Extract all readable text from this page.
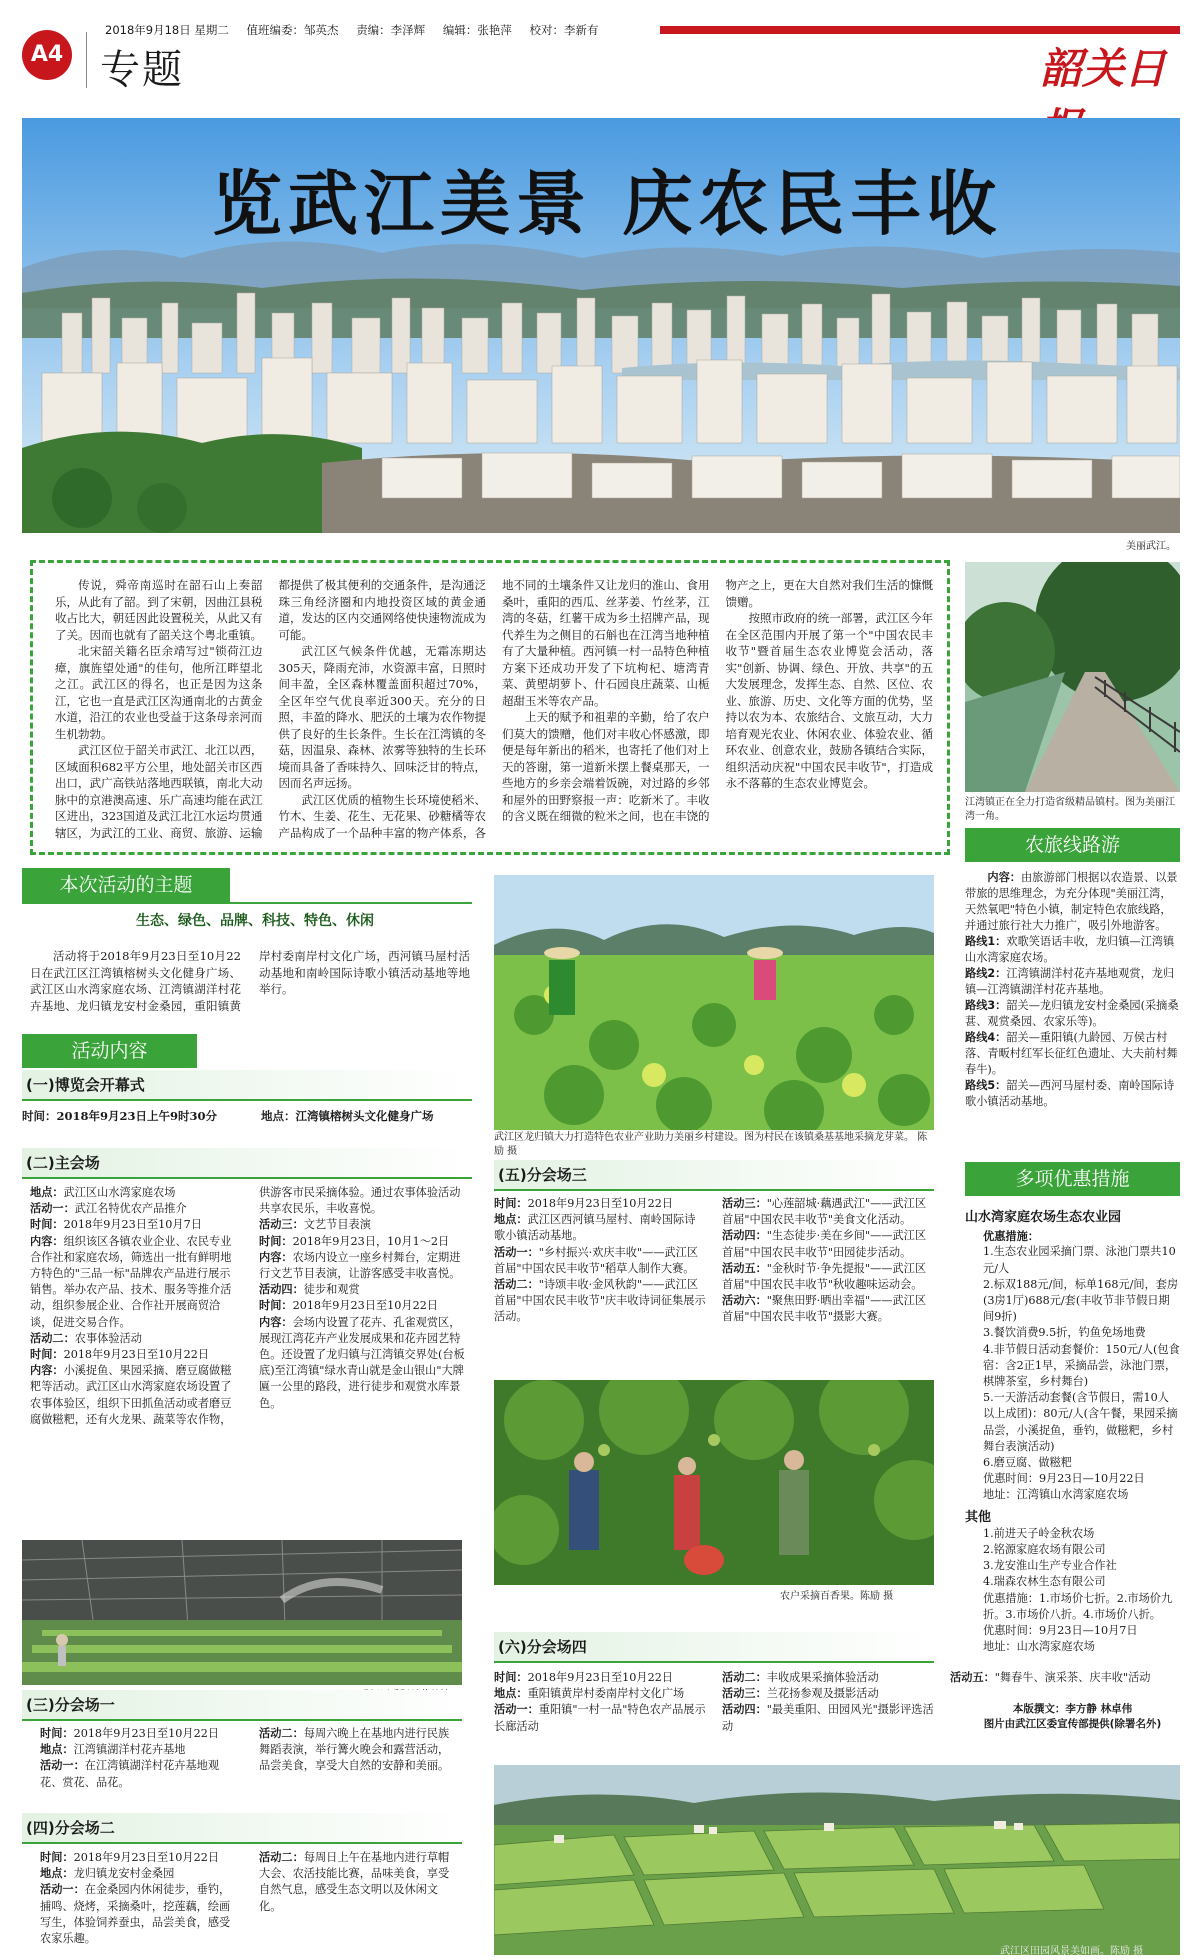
2018年9月18日 星期二 值班编委：邹英杰 责编：李泽辉 编辑：张艳萍 校对：李新有
A4 专题	韶关日
览武江美景 庆农民丰收
美丽武江。

传说，舜帝南巡时在韶石山上奏韶乐，从此有了韶。到了宋朝，因曲江县税收占比大，朝廷因此设置税关，从此又有了关。因而也就有了韶关这个粤北重镇。

北宋韶关籍名臣余靖写过"锁荷江边瘴，旗旌望处通"的佳句，他所江畔望北之江。武江区的得名，也正是因为这条江，它也一直是武江区沟通南北的古黄金水道，沿江的农业也受益于这条母亲河而生机勃勃。

武江区位于韶关市武江、北江以西，区域面积682平方公里，地处韶关市区西出口，武广高铁站落地西联镇，南北大动脉中的京港澳高速、乐广高速均能在武江区进出，323国道及武江北江水运均贯通辖区，为武江的工业、商贸、旅游、运输都提供了极其便利的交通条件，是沟通泛珠三角经济圈和内地投资区域的黄金通道，发达的区内交通网络使快速物流成为可能。

武江区气候条件优越，无霜冻期达305天，降雨充沛，水资源丰富，日照时间丰盈，全区森林覆盖面积超过70%，全区年空气优良率近300天。充分的日照，丰盈的降水、肥沃的土壤为农作物提供了良好的生长条件。生长在江湾镇的冬菇，因温泉、森林、浓雾等独特的生长环境而具备了香味持久、回味泛甘的特点，因而名声远扬。

武江区优质的植物生长环境使稻米、竹木、生姜、花生、无花果、砂糖橘等农产品构成了一个品种丰富的物产体系，各地不同的土壤条件又让龙归的淮山、食用桑叶，重阳的西瓜、丝茅姜、竹丝茅，江湾的冬菇，红薯干成为乡土招牌产品，现代养生为之侧目的石斛也在江湾当地种植有了大量种植。西河镇一村一品特色种植方案下还成功开发了下坑枸杞、塘湾青菜、黄塱胡萝卜、什石园良庄蔬菜、山栀超甜玉米等农产品。

上天的赋予和祖辈的辛勤，给了农户们莫大的馈赠，他们对丰收心怀感激，即便是每年新出的稻米，也寄托了他们对上天的答谢，第一道新米摆上餐桌那天，一些地方的乡亲会端着饭碗，对过路的乡邻和屋外的田野察报一声：吃新米了。丰收的含义既在细微的粒米之间，也在丰饶的物产之上，更在大自然对我们生活的慷慨馈赠。

按照市政府的统一部署，武江区今年在全区范围内开展了第一个"中国农民丰收节"暨首届生态农业博览会活动，落实"创新、协调、绿色、开放、共享"的五大发展理念，发挥生态、自然、区位、农业、旅游、历史、文化等方面的优势，坚持以农为本、农旅结合、文旅互动，大力培育观光农业、休闲农业、体验农业、循环农业、创意农业，鼓励各镇结合实际，组织活动庆祝"中国农民丰收节"，打造成永不落幕的生态农业博览会。

江湾镇正在全力打造省级精品镇村。图为美丽江湾一角。

本次活动的主题
生态、绿色、品牌、科技、特色、休闲

活动将于2018年9月23日至10月22日在武江区江湾镇榕树头文化健身广场、武江区山水湾家庭农场、江湾镇湖洋村花卉基地、龙归镇龙安村金桑园，重阳镇黄岸村委南岸村文化广场，西河镇马屋村活动基地和南岭国际诗歌小镇活动基地等地举行。

活动内容
(一)博览会开幕式
时间：2018年9月23日上午9时30分	地点：江湾镇榕树头文化健身广场
(二)主会场
地点：武江区山水湾家庭农场
活动一：武江名特优农产品推介
时间：2018年9月23日至10月7日
内容：组织该区各镇农业企业、农民专业合作社和家庭农场，筛选出一批有鲜明地方特色的"三品一标"品牌农产品进行展示销售。举办农产品、技术、服务等推介活动，组织参展企业、合作社开展商贸洽谈，促进交易合作。
活动二：农事体验活动
时间：2018年9月23日至10月22日
内容：小溪捉鱼、果园采摘、磨豆腐做糍粑等活动。武江区山水湾家庭农场设置了农事体验区，组织下田抓鱼活动或者磨豆腐做糍粑，还有火龙果、蔬菜等农作物，供游客市民采摘体验。通过农事体验活动共享农民乐，丰收喜悦。
活动三：文艺节目表演
时间：2018年9月23日，10月1～2日
内容：农场内设立一座乡村舞台，定期进行文艺节目表演，让游客感受丰收喜悦。
活动四：徒步和观赏
时间：2018年9月23日至10月22日
内容：会场内设置了花卉、孔雀观赏区，展现江湾花卉产业发展成果和花卉园艺特色。还设置了龙归镇与江湾镇交界处(台板底)至江湾镇"绿水青山就是金山银山"大牌匾一公里的路段，进行徒步和观赏水库景色。
(三)分会场一
时间：2018年9月23日至10月22日
地点：江湾镇湖洋村花卉基地
活动一：在江湾镇湖洋村花卉基地观花、赏花、品花。
活动二：每周六晚上在基地内进行民族舞蹈表演，举行篝火晚会和露营活动，品尝美食，享受大自然的安静和美丽。
(四)分会场二
时间：2018年9月23日至10月22日
地点：龙归镇龙安村金桑园
活动一：在金桑园内休闲徒步，垂钓，捕鸣、烧烤，采摘桑叶，挖莲藕，绘画写生，体验饲养蚕虫，品尝美食，感受农家乐趣。
活动二：每周日上午在基地内进行草帽大会、农活技能比赛，品味美食，享受自然气息，感受生态文明以及休闲文化。

武江区龙归镇大力打造特色农业产业助力美丽乡村建设。图为村民在该镇桑基基地采摘龙芽菜。 陈励 摄

(五)分会场三
时间：2018年9月23日至10月22日
地点：武江区西河镇马屋村、南岭国际诗歌小镇活动基地。
活动一："乡村振兴·欢庆丰收"——武江区首届"中国农民丰收节"稻草人制作大赛。
活动二："诗颂丰收·金风秋韵"——武江区首届"中国农民丰收节"庆丰收诗词征集展示活动。
活动三："心莲韶城·藕遇武江"——武江区首届"中国农民丰收节"美食文化活动。
活动四："生态徒步·美在乡间"——武江区首届"中国农民丰收节"田园徒步活动。
活动五："金秋时节·争先提报"——武江区首届"中国农民丰收节"秋收趣味运动会。
活动六："聚焦田野·晒出幸福"——武江区首届"中国农民丰收节"摄影大赛。
农户采摘百香果。陈励 摄
(六)分会场四
时间：2018年9月23日至10月22日
地点：重阳镇黄岸村委南岸村文化广场
活动一：重阳镇"一村一品"特色农产品展示长廊活动
活动二：丰收成果采摘体验活动
活动三：兰花扬参观及摄影活动
活动四："最美重阳、田园风光"摄影评选活动
活动五："舞春牛、演采茶、庆丰收"活动
农旅线路游
内容：由旅游部门根据以农造景、以景带旅的思维理念，为充分体现"美丽江湾，天然氧吧"特色小镇，制定特色农旅线路，并通过旅行社大力推广，吸引外地游客。
路线1：欢歌笑语话丰收，龙归镇—江湾镇山水湾家庭农场。
路线2：江湾镇湖洋村花卉基地观赏，龙归镇—江湾镇湖洋村花卉基地。
路线3：韶关—龙归镇龙安村金桑园(采摘桑葚、观赏桑园、农家乐等)。
路线4：韶关—重阳镇(九龄园、万侯古村落、青畈村红军长征红色遗址、大夫前村舞春牛)。
路线5：韶关—西河马屋村委、南岭国际诗歌小镇活动基地。
多项优惠措施
山水湾家庭农场生态农业园
优惠措施：
1.生态农业园采摘门票、泳池门票共10元/人
2.标双188元/间，标单168元/间，套房(3房1厅)688元/套(丰收节非节假日期间9折)
3.餐饮消费9.5折，钓鱼免场地费
4.非节假日活动套餐价：150元/人(包食宿：含2正1早，采摘品尝，泳池门票，棋牌茶室，乡村舞台)
5.一天游活动套餐(含节假日，需10人以上成团)：80元/人(含午餐，果园采摘品尝，小溪捉鱼，垂钓，做糍粑，乡村舞台表演活动)
6.磨豆腐、做糍粑
优惠时间：9月23日—10月22日
地址：江湾镇山水湾家庭农场
其他
1.前进天子岭金秋农场
2.铭源家庭农场有限公司
3.龙安淮山生产专业合作社
4.瑞森农林生态有限公司
优惠措施：1.市场价七折。2.市场价九折。3.市场价八折。4.市场价八折。
优惠时间：9月23日—10月7日
地址：山水湾家庭农场
本版撰文：李方静 林卓伟
图片由武江区委宣传部提供(除署名外)
武江区田园风景美如画。陈励 摄
